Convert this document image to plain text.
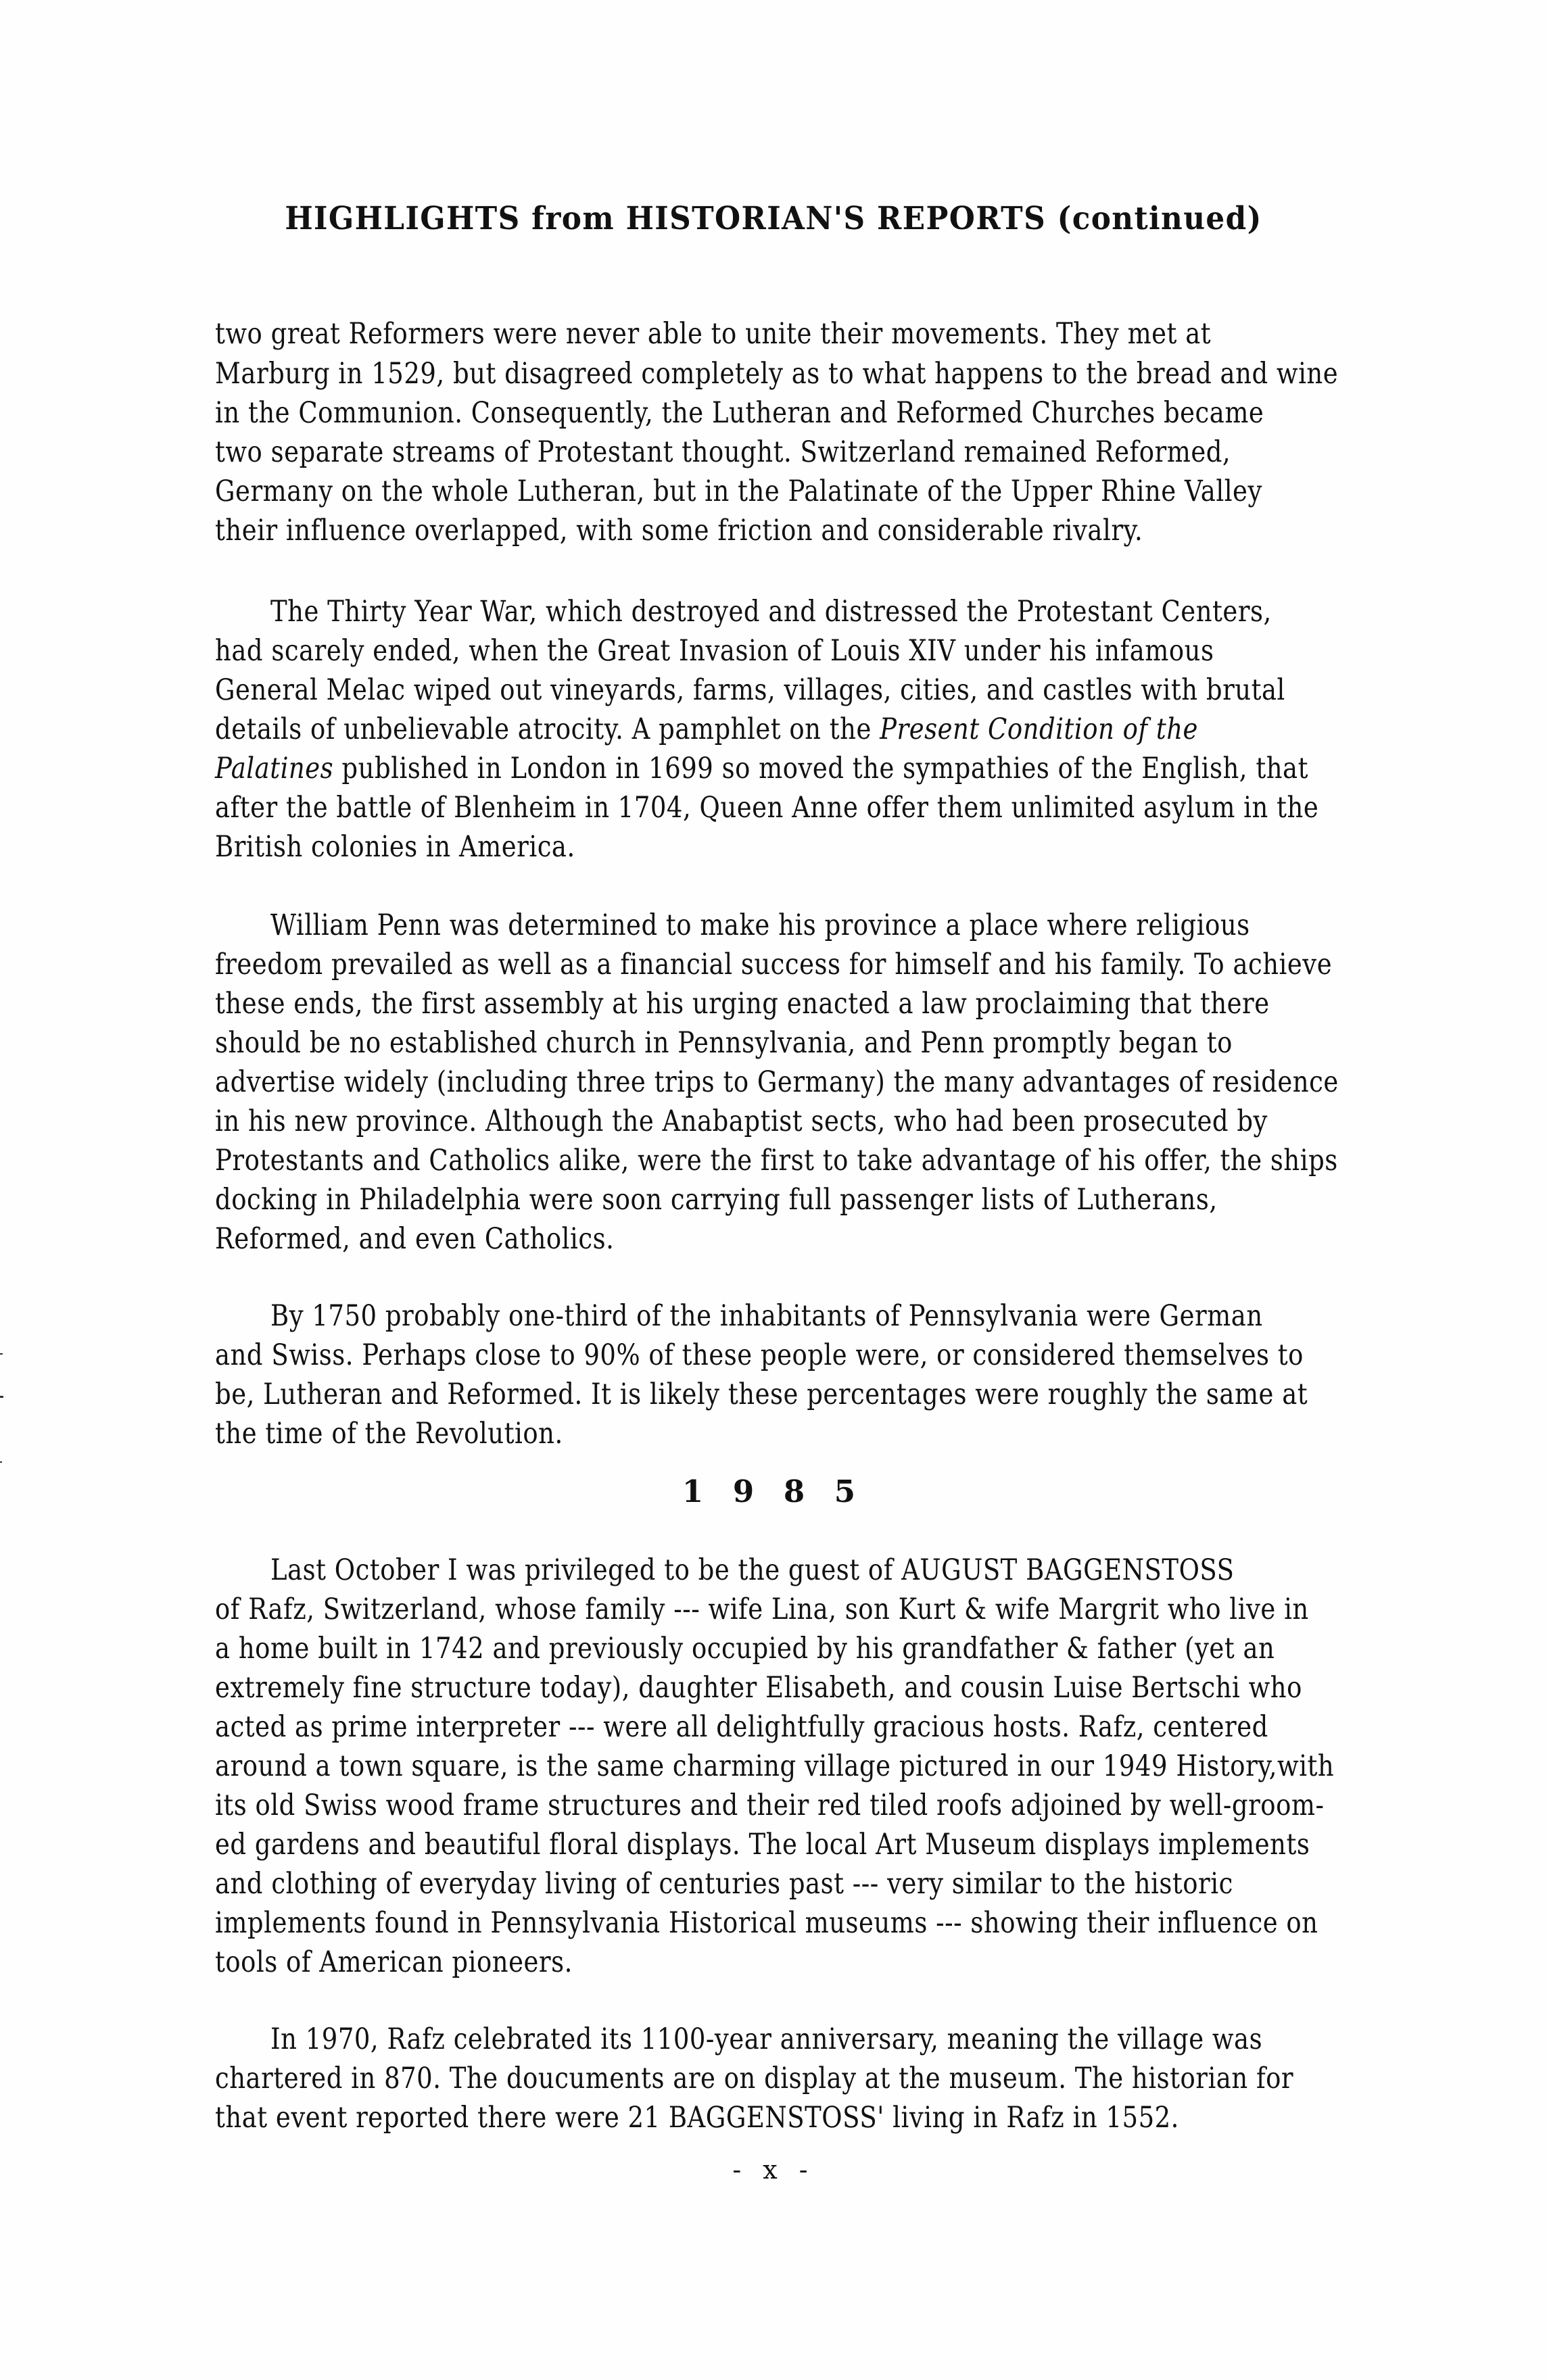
HIGHLIGHTS from HISTORIAN'S REPORTS (continued)
two great Reformers were never able to unite their movements. They met at
Marburg in 1529, but disagreed completely as to what happens to the bread and wine
in the Communion. Consequently, the Lutheran and Reformed Churches became
two separate streams of Protestant thought. Switzerland remained Reformed,
Germany on the whole Lutheran, but in the Palatinate of the Upper Rhine Valley
their influence overlapped, with some friction and considerable rivalry.
The Thirty Year War, which destroyed and distressed the Protestant Centers,
had scarely ended, when the Great Invasion of Louis XIV under his infamous
General Melac wiped out vineyards, farms, villages, cities, and castles with brutal
details of unbelievable atrocity. A pamphlet on the Present Condition of the
Palatines published in London in 1699 so moved the sympathies of the English, that
after the battle of Blenheim in 1704, Queen Anne offer them unlimited asylum in the
British colonies in America.
William Penn was determined to make his province a place where religious
freedom prevailed as well as a financial success for himself and his family. To achieve
these ends, the first assembly at his urging enacted a law proclaiming that there
should be no established church in Pennsylvania, and Penn promptly began to
advertise widely (including three trips to Germany) the many advantages of residence
in his new province. Although the Anabaptist sects, who had been prosecuted by
Protestants and Catholics alike, were the first to take advantage of his offer, the ships
docking in Philadelphia were soon carrying full passenger lists of Lutherans,
Reformed, and even Catholics.
By 1750 probably one-third of the inhabitants of Pennsylvania were German
and Swiss. Perhaps close to 90% of these people were, or considered themselves to
be, Lutheran and Reformed. It is likely these percentages were roughly the same at
the time of the Revolution.
1 9 8 5
Last October I was privileged to be the guest of AUGUST BAGGENSTOSS
of Rafz, Switzerland, whose family --- wife Lina, son Kurt & wife Margrit who live in
a home built in 1742 and previously occupied by his grandfather & father (yet an
extremely fine structure today), daughter Elisabeth, and cousin Luise Bertschi who
acted as prime interpreter --- were all delightfully gracious hosts. Rafz, centered
around a town square, is the same charming village pictured in our 1949 History,with
its old Swiss wood frame structures and their red tiled roofs adjoined by well-groom-
ed gardens and beautiful floral displays. The local Art Museum displays implements
and clothing of everyday living of centuries past --- very similar to the historic
implements found in Pennsylvania Historical museums --- showing their influence on
tools of American pioneers.
In 1970, Rafz celebrated its 1100-year anniversary, meaning the village was
chartered in 870. The doucuments are on display at the museum. The historian for
that event reported there were 21 BAGGENSTOSS' living in Rafz in 1552.
- x -
